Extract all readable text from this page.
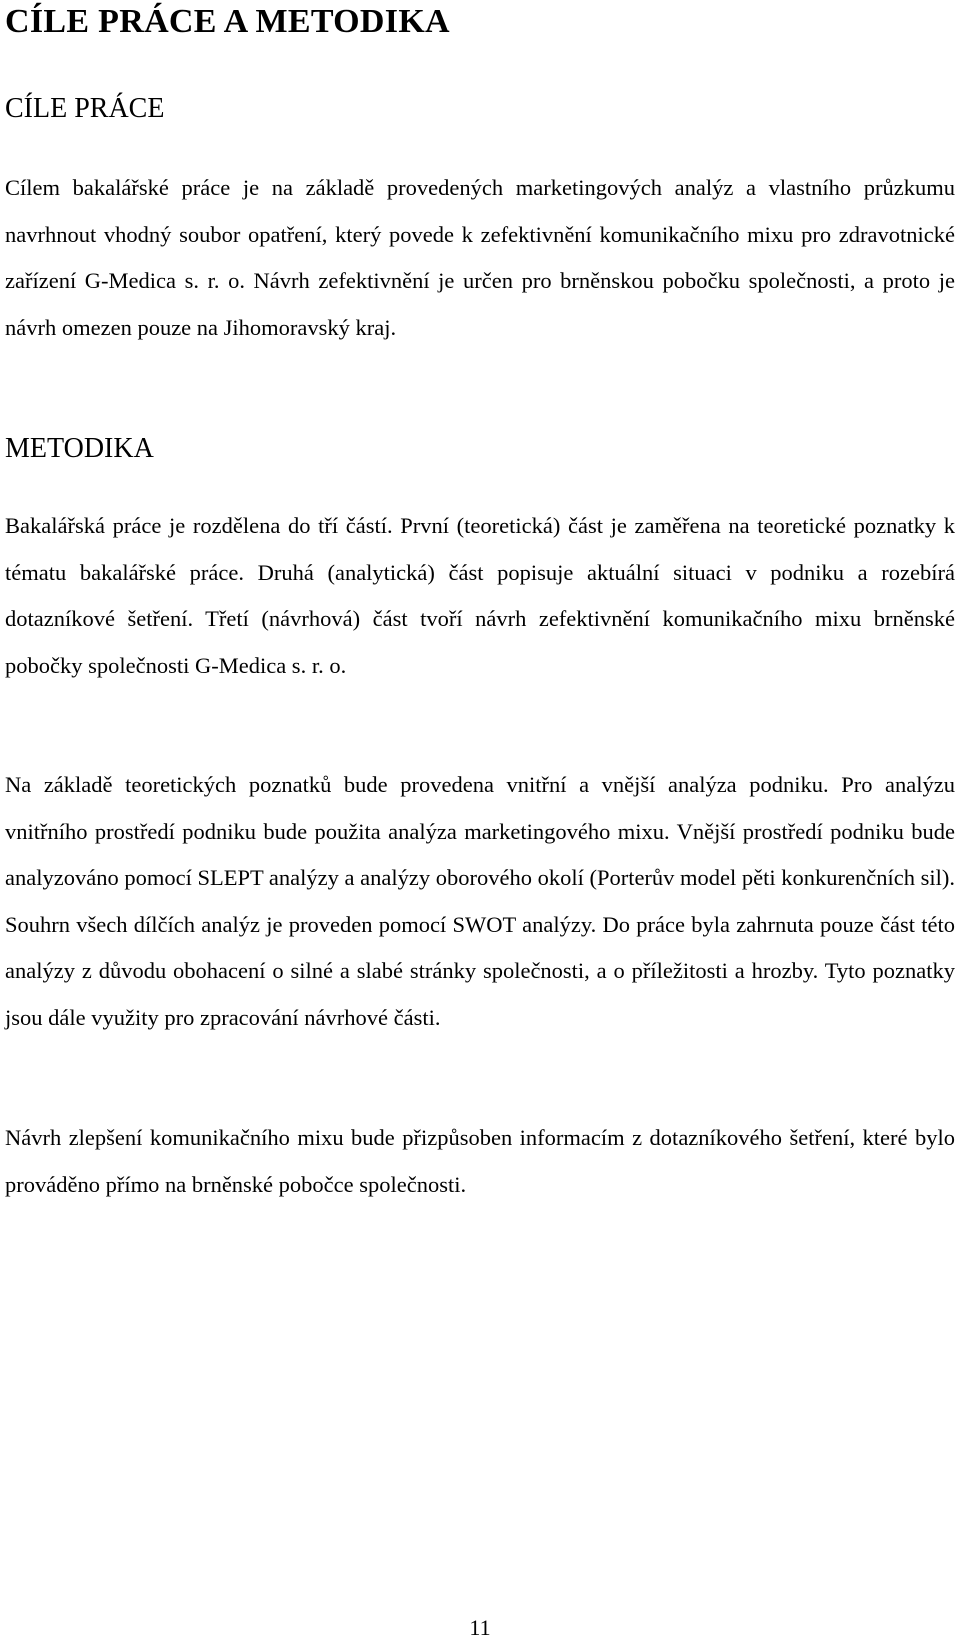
CÍLE PRÁCE A METODIKA
CÍLE PRÁCE

Cílem bakalářské práce je na základě provedených marketingových analýz a vlastního průzkumu navrhnout vhodný soubor opatření, který povede k zefektivnění komunikačního mixu pro zdravotnické zařízení G-Medica s. r. o. Návrh zefektivnění je určen pro brněnskou pobočku společnosti, a proto je návrh omezen pouze na Jihomoravský kraj.

METODIKA

Bakalářská práce je rozdělena do tří částí. První (teoretická) část je zaměřena na teoretické poznatky k tématu bakalářské práce. Druhá (analytická) část popisuje aktuální situaci v podniku a rozebírá dotazníkové šetření. Třetí (návrhová) část tvoří návrh zefektivnění komunikačního mixu brněnské pobočky společnosti G-Medica s. r. o.

Na základě teoretických poznatků bude provedena vnitřní a vnější analýza podniku. Pro analýzu vnitřního prostředí podniku bude použita analýza marketingového mixu. Vnější prostředí podniku bude analyzováno pomocí SLEPT analýzy a analýzy oborového okolí (Porterův model pěti konkurenčních sil). Souhrn všech dílčích analýz je proveden pomocí SWOT analýzy. Do práce byla zahrnuta pouze část této analýzy z důvodu obohacení o silné a slabé stránky společnosti, a o příležitosti a hrozby. Tyto poznatky jsou dále využity pro zpracování návrhové části.

Návrh zlepšení komunikačního mixu bude přizpůsoben informacím z dotazníkového šetření, které bylo prováděno přímo na brněnské pobočce společnosti.

11
